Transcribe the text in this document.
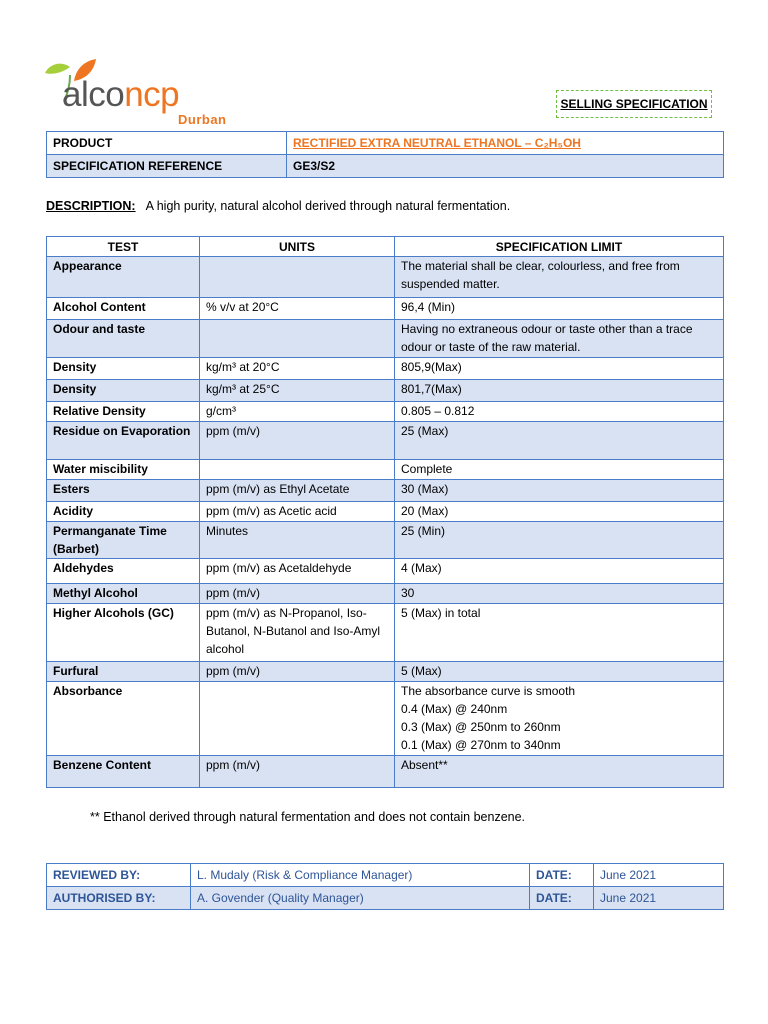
alconcp
Durban
SELLING SPECIFICATION
PRODUCT	RECTIFIED EXTRA NEUTRAL ETHANOL – C₂H₅OH
SPECIFICATION REFERENCE	GE3/S2
DESCRIPTION: A high purity, natural alcohol derived through natural fermentation.
TEST	UNITS	SPECIFICATION LIMIT
Appearance		The material shall be clear, colourless, and free from suspended matter.
Alcohol Content	% v/v at 20°C	96,4 (Min)
Odour and taste		Having no extraneous odour or taste other than a trace odour or taste of the raw material.
Density	kg/m³ at 20°C	805,9(Max)
Density	kg/m³ at 25°C	801,7(Max)
Relative Density	g/cm³	0.805 – 0.812
Residue on Evaporation	ppm (m/v)	25 (Max)
Water miscibility		Complete
Esters	ppm (m/v) as Ethyl Acetate	30 (Max)
Acidity	ppm (m/v) as Acetic acid	20 (Max)
Permanganate Time (Barbet)	Minutes	25 (Min)
Aldehydes	ppm (m/v) as Acetaldehyde	4 (Max)
Methyl Alcohol	ppm (m/v)	30
Higher Alcohols (GC)	ppm (m/v) as N-Propanol, Iso-Butanol, N-Butanol and Iso-Amyl alcohol	5 (Max) in total
Furfural	ppm (m/v)	5 (Max)
Absorbance		The absorbance curve is smooth
0.4 (Max) @ 240nm
0.3 (Max) @ 250nm to 260nm
0.1 (Max) @ 270nm to 340nm

Benzene Content	ppm (m/v)	Absent**
** Ethanol derived through natural fermentation and does not contain benzene.
REVIEWED BY:	L. Mudaly (Risk & Compliance Manager)	DATE:	June 2021
AUTHORISED BY:	A. Govender (Quality Manager)	DATE:	June 2021
